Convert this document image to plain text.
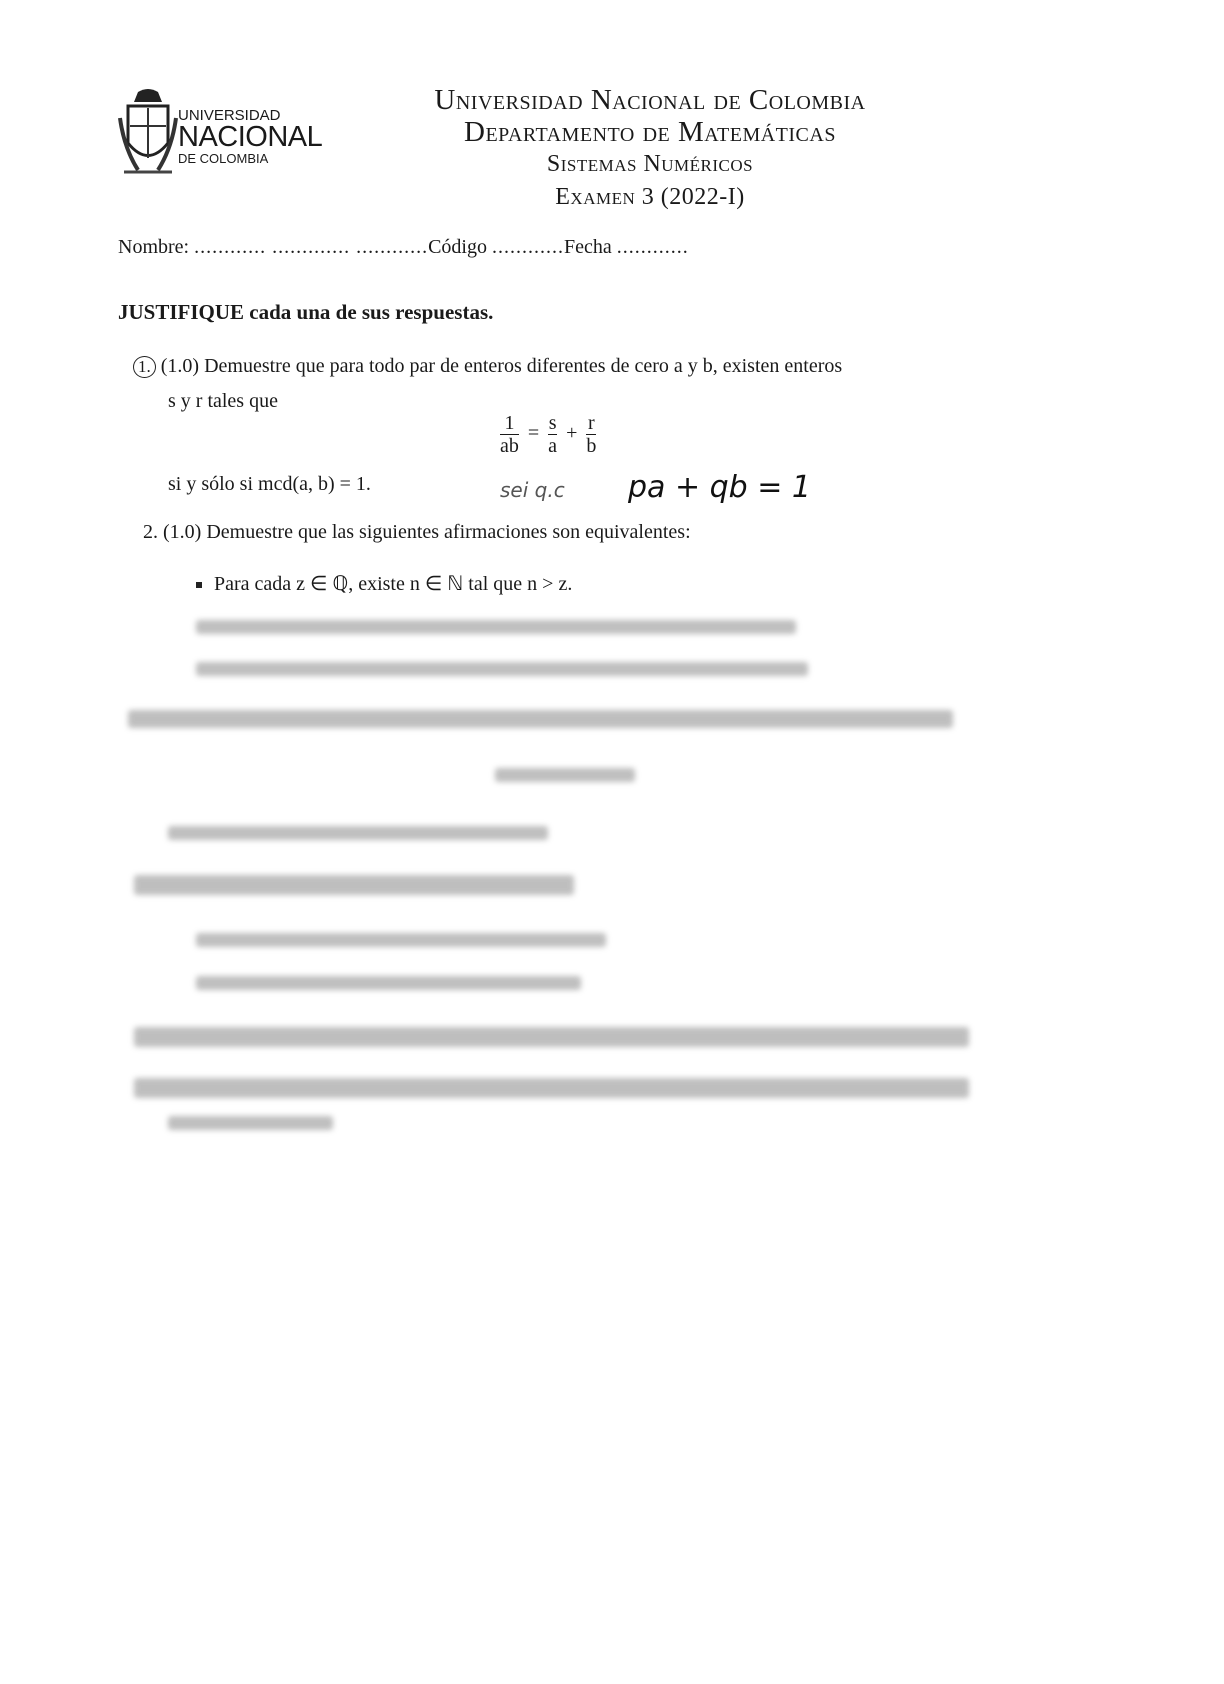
UNIVERSIDAD
NACIONAL
DE COLOMBIA
Universidad Nacional de Colombia
Departamento de Matemáticas
Sistemas Numéricos
Examen 3 (2022-I)
Nombre: ............ ............. ............Código ............Fecha ............
JUSTIFIQUE cada una de sus respuestas.
1. (1.0) Demuestre que para todo par de enteros diferentes de cero a y b, existen enteros
s y r tales que
$\frac{1}{ab} = \frac{s}{a} + \frac{r}{b}$
si y sólo si mcd(a, b) = 1.	sei q.c pa + qb = 1
2. (1.0) Demuestre que las siguientes afirmaciones son equivalentes:
Para cada z ∈ ℚ, existe n ∈ ℕ tal que n > z.
